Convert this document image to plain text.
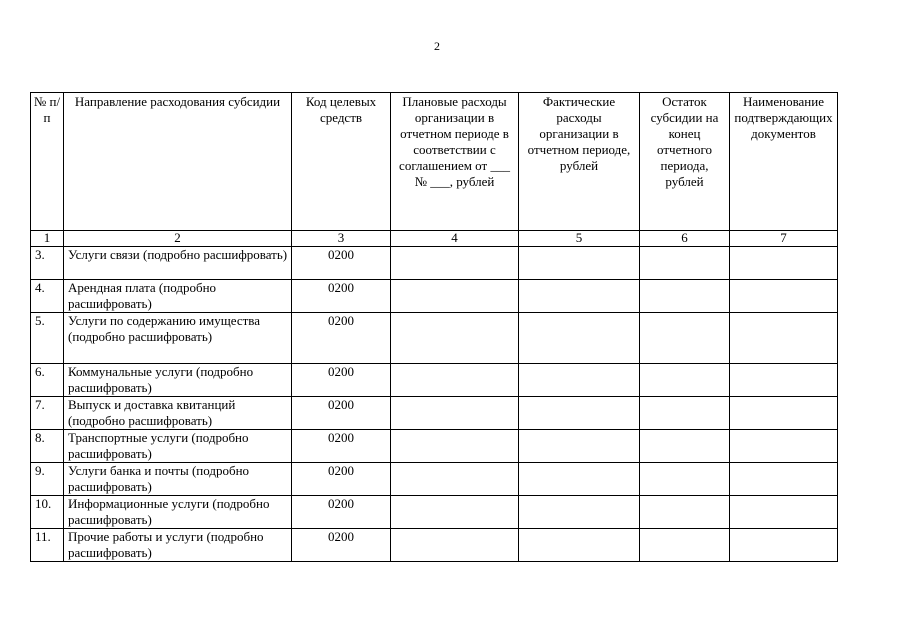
2
№ п/п	Направление расходования субсидии	Код целевых средств	Плановые расходы организации в отчетном периоде в соответствии с соглашением от ___ № ___, рублей	Фактические расходы организации в отчетном периоде, рублей	Остаток субсидии на конец отчетного периода, рублей	Наименование подтверждающих документов
1	2	3	4	5	6	7
3.	Услуги связи (подробно расшифровать)	0200				
4.	Арендная плата (подробно расшифровать)	0200				
5.	Услуги по содержанию имущества (подробно расшифровать)	0200				
6.	Коммунальные услуги (подробно расшифровать)	0200				
7.	Выпуск и доставка квитанций (подробно расшифровать)	0200				
8.	Транспортные услуги (подробно расшифровать)	0200				
9.	Услуги банка и почты (подробно расшифровать)	0200				
10.	Информационные услуги (подробно расшифровать)	0200				
11.	Прочие работы и услуги (подробно расшифровать)	0200				
